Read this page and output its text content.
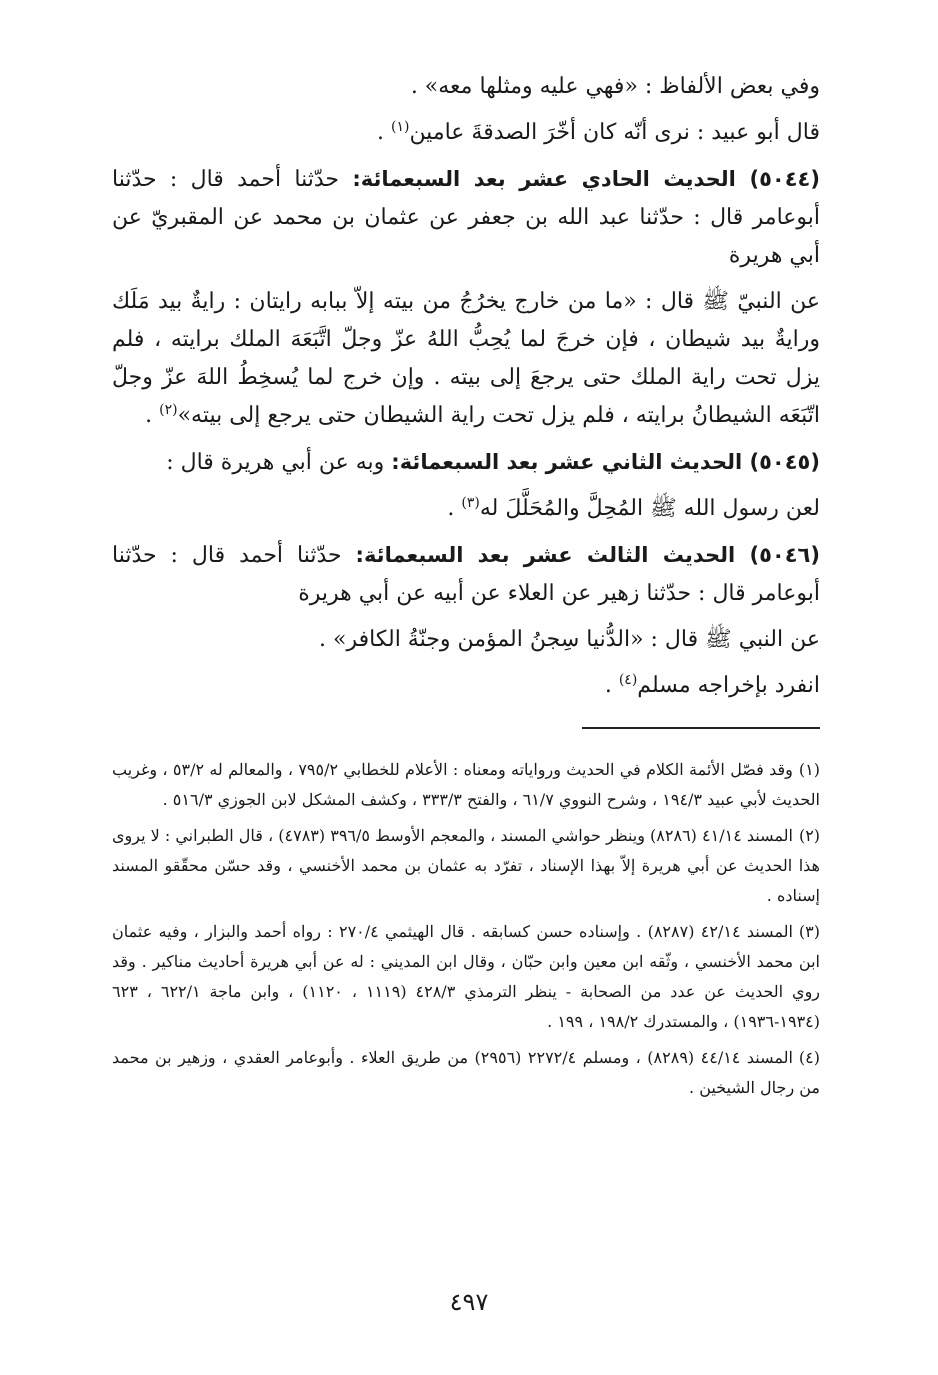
وفي بعض الألفاظ : «فهي عليه ومثلها معه» .

قال أبو عبيد : نرى أنّه كان أخّرَ الصدقةَ عامين$^{(١)}$ .

(٥٠٤٤) الحديث الحادي عشر بعد السبعمائة: حدّثنا أحمد قال : حدّثنا أبوعامر قال : حدّثنا عبد الله بن جعفر عن عثمان بن محمد عن المقبريّ عن أبي هريرة

عن النبيّ ﷺ قال : «ما من خارج يخرُجُ من بيته إلاّ ببابه رايتان : رايةٌ بيد مَلَك ورايةٌ بيد شيطان ، فإن خرجَ لما يُحِبُّ اللهُ عزّ وجلّ اتَّبَعَهَ الملك برايته ، فلم يزل تحت راية الملك حتى يرجعَ إلى بيته . وإن خرج لما يُسخِطُ اللهَ عزّ وجلّ اتّبَعَه الشيطانُ برايته ، فلم يزل تحت راية الشيطان حتى يرجع إلى بيته»$^{(٢)}$ .

(٥٠٤٥) الحديث الثاني عشر بعد السبعمائة: وبه عن أبي هريرة قال :

لعن رسول الله ﷺ المُحِلَّ والمُحَلَّلَ له$^{(٣)}$ .

(٥٠٤٦) الحديث الثالث عشر بعد السبعمائة: حدّثنا أحمد قال : حدّثنا أبوعامر قال : حدّثنا زهير عن العلاء عن أبيه عن أبي هريرة

عن النبي ﷺ قال : «الدُّنيا سِجنُ المؤمن وجنّةُ الكافر» .

انفرد بإخراجه مسلم$^{(٤)}$ .

(١)وقد فصّل الأئمة الكلام في الحديث ورواياته ومعناه : الأعلام للخطابي ٧٩٥/٢ ، والمعالم له ٥٣/٢ ، وغريب الحديث لأبي عبيد ١٩٤/٣ ، وشرح النووي ٦١/٧ ، والفتح ٣٣٣/٣ ، وكشف المشكل لابن الجوزي ٥١٦/٣ .

(٢)المسند ٤١/١٤ (٨٢٨٦) وينظر حواشي المسند ، والمعجم الأوسط ٣٩٦/٥ (٤٧٨٣) ، قال الطبراني : لا يروى هذا الحديث عن أبي هريرة إلاّ بهذا الإسناد ، تفرّد به عثمان بن محمد الأخنسي ، وقد حسّن محقّقو المسند إسناده .

(٣)المسند ٤٢/١٤ (٨٢٨٧) . وإسناده حسن كسابقه . قال الهيثمي ٢٧٠/٤ : رواه أحمد والبزار ، وفيه عثمان ابن محمد الأخنسي ، وثّقه ابن معين وابن حبّان ، وقال ابن المديني : له عن أبي هريرة أحاديث مناكير . وقد روي الحديث عن عدد من الصحابة - ينظر الترمذي ٤٢٨/٣ (١١١٩ ، ١١٢٠) ، وابن ماجة ٦٢٢/١ ، ٦٢٣ (١٩٣٤-١٩٣٦) ، والمستدرك ١٩٨/٢ ، ١٩٩ .

(٤)المسند ٤٤/١٤ (٨٢٨٩) ، ومسلم ٢٢٧٢/٤ (٢٩٥٦) من طريق العلاء . وأبوعامر العقدي ، وزهير بن محمد من رجال الشيخين .

٤٩٧
